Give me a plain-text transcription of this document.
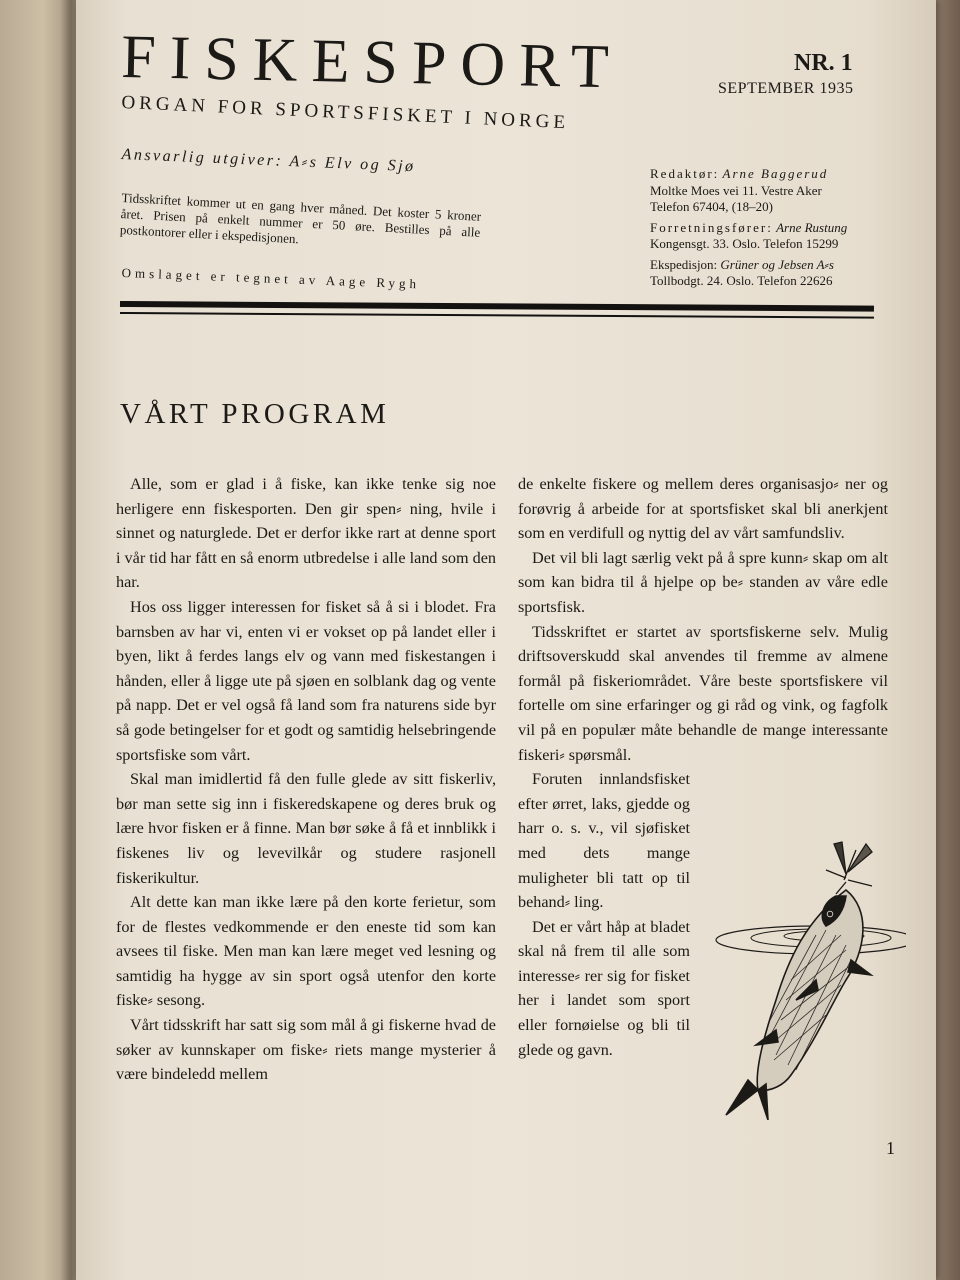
FISKESPORT
ORGAN FOR SPORTSFISKET I NORGE
NR. 1
SEPTEMBER 1935
Ansvarlig utgiver: A⸗s Elv og Sjø
Tidsskriftet kommer ut en gang hver måned. Det koster 5 kroner året. Prisen på enkelt nummer er 50 øre. Bestilles på alle postkontorer eller i ekspedisjonen.
Omslaget er tegnet av Aage Rygh
Redaktør: Arne Baggerud
Moltke Moes vei 11. Vestre Aker
Telefon 67404, (18–20)
Forretningsfører: Arne Rustung
Kongensgt. 33. Oslo. Telefon 15299
Ekspedisjon: Grüner og Jebsen A⸗s
Tollbodgt. 24. Oslo. Telefon 22626
VÅRT PROGRAM

Alle, som er glad i å fiske, kan ikke tenke sig noe herligere enn fiskesporten. Den gir spen⸗ ning, hvile i sinnet og naturglede. Det er derfor ikke rart at denne sport i vår tid har fått en så enorm utbredelse i alle land som den har.

Hos oss ligger interessen for fisket så å si i blodet. Fra barnsben av har vi, enten vi er vokset op på landet eller i byen, likt å ferdes langs elv og vann med fiskestangen i hånden, eller å ligge ute på sjøen en solblank dag og vente på napp. Det er vel også få land som fra naturens side byr så gode betingelser for et godt og samtidig helsebringende sportsfiske som vårt.

Skal man imidlertid få den fulle glede av sitt fiskerliv, bør man sette sig inn i fiskeredskapene og deres bruk og lære hvor fisken er å finne. Man bør søke å få et innblikk i fiskenes liv og levevilkår og studere rasjonell fiskerikultur.

Alt dette kan man ikke lære på den korte ferietur, som for de flestes vedkommende er den eneste tid som kan avsees til fiske. Men man kan lære meget ved lesning og samtidig ha hygge av sin sport også utenfor den korte fiske⸗ sesong.

Vårt tidsskrift har satt sig som mål å gi fiskerne hvad de søker av kunnskaper om fiske⸗ riets mange mysterier å være bindeledd mellem

de enkelte fiskere og mellem deres organisasjo⸗ ner og forøvrig å arbeide for at sportsfisket skal bli anerkjent som en verdifull og nyttig del av vårt samfundsliv.

Det vil bli lagt særlig vekt på å spre kunn⸗ skap om alt som kan bidra til å hjelpe op be⸗ standen av våre edle sportsfisk.

Tidsskriftet er startet av sportsfiskerne selv. Mulig driftsoverskudd skal anvendes til fremme av almene formål på fiskeriområdet. Våre beste sportsfiskere vil fortelle om sine erfaringer og gi råd og vink, og fagfolk vil på en populær måte behandle de mange interessante fiskeri⸗ spørsmål.

Foruten innlandsfisket efter ørret, laks, gjedde og harr o. s. v., vil sjøfisket med dets mange muligheter bli tatt op til behand⸗ ling.

Det er vårt håp at bladet skal nå frem til alle som interesse⸗ rer sig for fisket her i landet som sport eller fornøielse og bli til glede og gavn.

1
